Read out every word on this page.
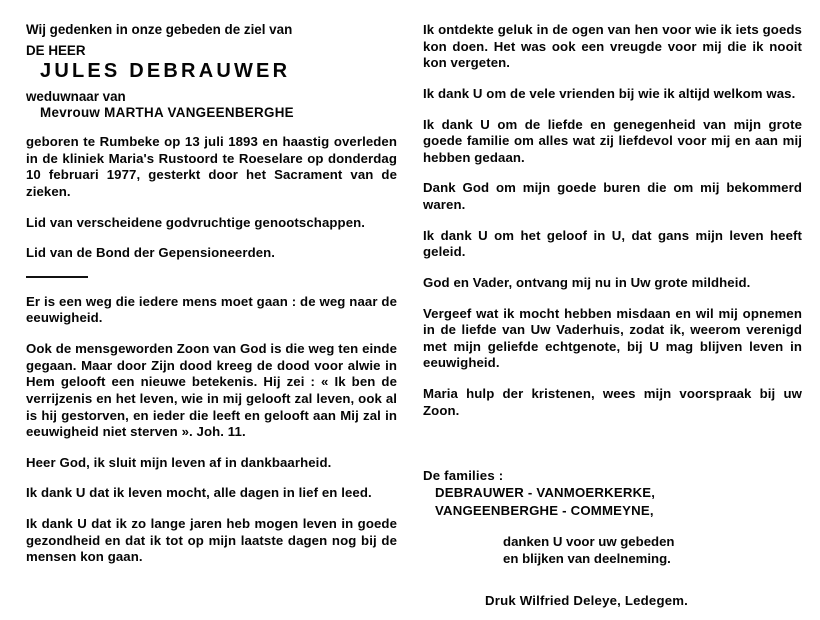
Wij gedenken in onze gebeden de ziel van
DE HEER
JULES DEBRAUWER
weduwnaar van
Mevrouw MARTHA VANGEENBERGHE

geboren te Rumbeke op 13 juli 1893 en haastig overleden in de kliniek Maria's Rustoord te Roeselare op donderdag 10 februari 1977, gesterkt door het Sacrament van de zieken.

Lid van verscheidene godvruchtige genootschappen.

Lid van de Bond der Gepensioneerden.

Er is een weg die iedere mens moet gaan : de weg naar de eeuwigheid.

Ook de mensgeworden Zoon van God is die weg ten einde gegaan. Maar door Zijn dood kreeg de dood voor alwie in Hem gelooft een nieuwe betekenis. Hij zei : « Ik ben de verrijzenis en het leven, wie in mij gelooft zal leven, ook al is hij gestorven, en ieder die leeft en gelooft aan Mij zal in eeuwigheid niet sterven ». Joh. 11.

Heer God, ik sluit mijn leven af in dankbaarheid.

Ik dank U dat ik leven mocht, alle dagen in lief en leed.

Ik dank U dat ik zo lange jaren heb mogen leven in goede gezondheid en dat ik tot op mijn laatste dagen nog bij de mensen kon gaan.

Ik ontdekte geluk in de ogen van hen voor wie ik iets goeds kon doen. Het was ook een vreugde voor mij die ik nooit kon vergeten.

Ik dank U om de vele vrienden bij wie ik altijd welkom was.

Ik dank U om de liefde en genegenheid van mijn grote goede familie om alles wat zij liefdevol voor mij en aan mij hebben gedaan.

Dank God om mijn goede buren die om mij bekommerd waren.

Ik dank U om het geloof in U, dat gans mijn leven heeft geleid.

God en Vader, ontvang mij nu in Uw grote mildheid.

Vergeef wat ik mocht hebben misdaan en wil mij opnemen in de liefde van Uw Vaderhuis, zodat ik, weerom verenigd met mijn geliefde echtgenote, bij U mag blijven leven in eeuwigheid.

Maria hulp der kristenen, wees mijn voorspraak bij uw Zoon.

De families :
DEBRAUWER - VANMOERKERKE,
VANGEENBERGHE - COMMEYNE,
danken U voor uw gebeden
en blijken van deelneming.
Druk Wilfried Deleye, Ledegem.
